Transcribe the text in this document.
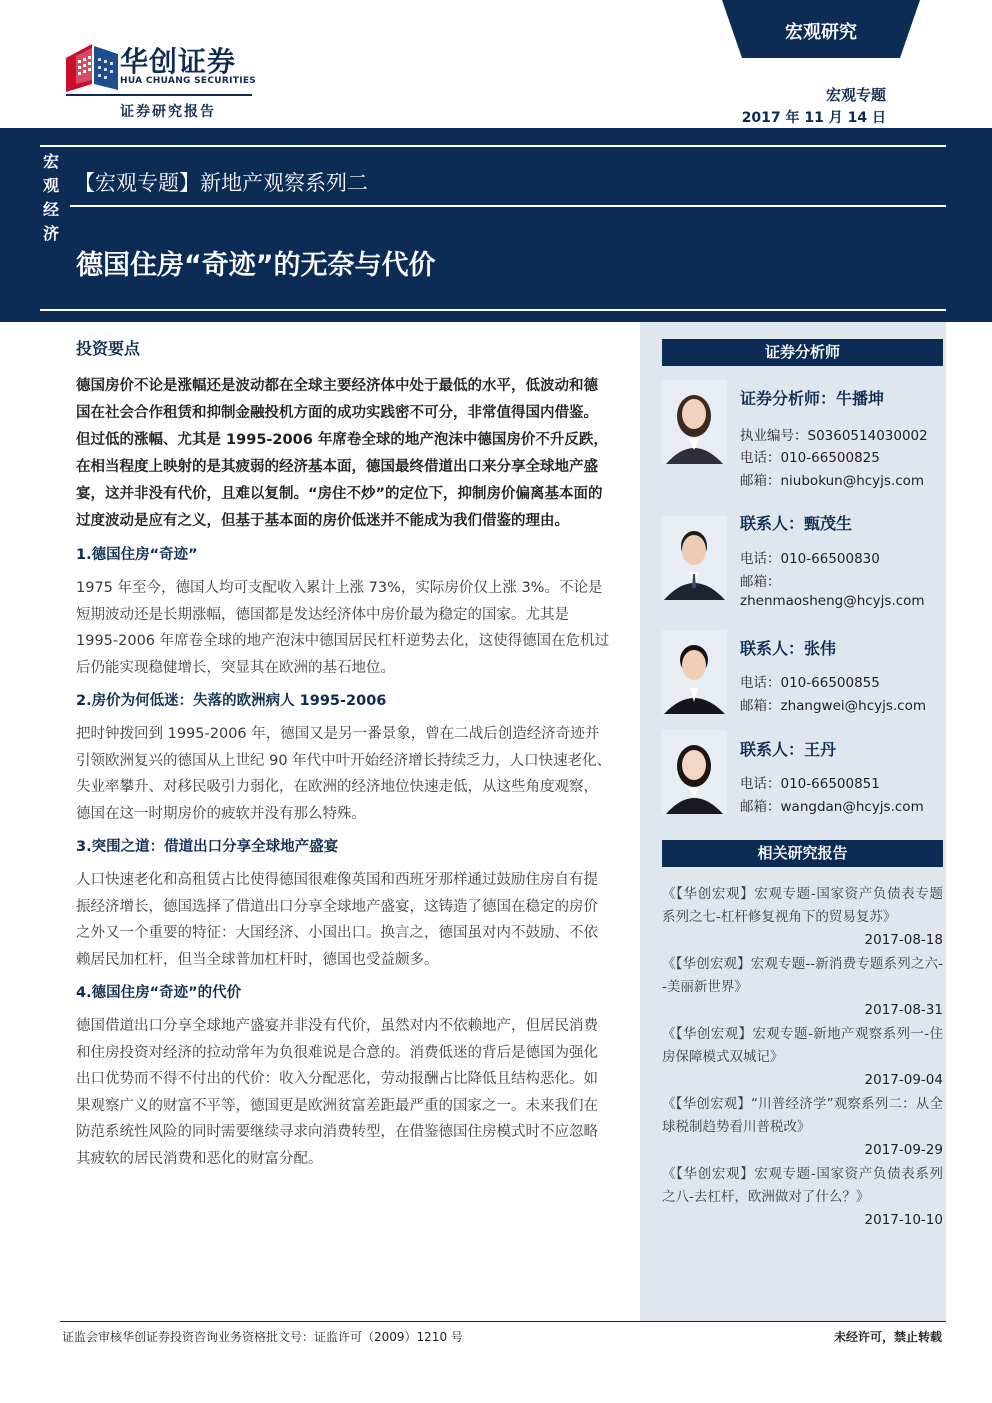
华创证券
HUA CHUANG SECURITIES
证券研究报告
宏观研究
宏观专题
2017 年 11 月 14 日
宏观经济
【宏观专题】新地产观察系列二
德国住房“奇迹”的无奈与代价
投资要点

德国房价不论是涨幅还是波动都在全球主要经济体中处于最低的水平，低波动和德国在社会合作租赁和抑制金融投机方面的成功实践密不可分，非常值得国内借鉴。但过低的涨幅、尤其是 1995-2006 年席卷全球的地产泡沫中德国房价不升反跌，在相当程度上映射的是其疲弱的经济基本面，德国最终借道出口来分享全球地产盛宴，这并非没有代价，且难以复制。“房住不炒”的定位下，抑制房价偏离基本面的过度波动是应有之义，但基于基本面的房价低迷并不能成为我们借鉴的理由。

1.德国住房“奇迹”

1975 年至今，德国人均可支配收入累计上涨 73%，实际房价仅上涨 3%。不论是短期波动还是长期涨幅，德国都是发达经济体中房价最为稳定的国家。尤其是 1995-2006 年席卷全球的地产泡沫中德国居民杠杆逆势去化，这使得德国在危机过后仍能实现稳健增长，突显其在欧洲的基石地位。

2.房价为何低迷：失落的欧洲病人 1995-2006

把时钟拨回到 1995-2006 年，德国又是另一番景象，曾在二战后创造经济奇迹并引领欧洲复兴的德国从上世纪 90 年代中叶开始经济增长持续乏力，人口快速老化、失业率攀升、对移民吸引力弱化，在欧洲的经济地位快速走低，从这些角度观察，德国在这一时期房价的疲软并没有那么特殊。

3.突围之道：借道出口分享全球地产盛宴

人口快速老化和高租赁占比使得德国很难像英国和西班牙那样通过鼓励住房自有提振经济增长，德国选择了借道出口分享全球地产盛宴，这铸造了德国在稳定的房价之外又一个重要的特征：大国经济、小国出口。换言之，德国虽对内不鼓励、不依赖居民加杠杆，但当全球普加杠杆时，德国也受益颇多。

4.德国住房“奇迹”的代价

德国借道出口分享全球地产盛宴并非没有代价，虽然对内不依赖地产，但居民消费和住房投资对经济的拉动常年为负很难说是合意的。消费低迷的背后是德国为强化出口优势而不得不付出的代价：收入分配恶化，劳动报酬占比降低且结构恶化。如果观察广义的财富不平等，德国更是欧洲贫富差距最严重的国家之一。未来我们在防范系统性风险的同时需要继续寻求向消费转型，在借鉴德国住房模式时不应忽略其疲软的居民消费和恶化的财富分配。

证券分析师
证券分析师：牛播坤
执业编号：S0360514030002
电话：010-66500825
邮箱：niubokun@hcyjs.com
联系人：甄茂生
电话：010-66500830
邮箱：
zhenmaosheng@hcyjs.com
联系人：张伟
电话：010-66500855
邮箱：zhangwei@hcyjs.com
联系人：王丹
电话：010-66500851
邮箱：wangdan@hcyjs.com
相关研究报告
《【华创宏观】宏观专题-国家资产负债表专题系列之七-杠杆修复视角下的贸易复苏》
2017-08-18
《【华创宏观】宏观专题--新消费专题系列之六--美丽新世界》
2017-08-31
《【华创宏观】宏观专题-新地产观察系列一-住房保障模式双城记》
2017-09-04
《【华创宏观】“川普经济学”观察系列二：从全球税制趋势看川普税改》
2017-09-29
《【华创宏观】宏观专题-国家资产负债表系列之八-去杠杆，欧洲做对了什么？》
2017-10-10
证监会审核华创证券投资咨询业务资格批文号：证监许可（2009）1210 号	未经许可，禁止转载
